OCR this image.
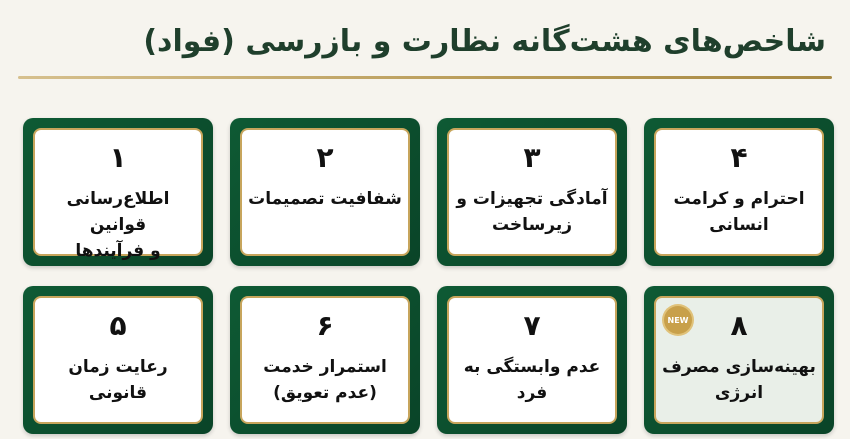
شاخص‌های هشت‌گانه نظارت و بازرسی (فواد)
۴
احترام و کرامت
انسانی
۳
آمادگی تجهیزات و
زیرساخت
۲
شفافیت تصمیمات
۱
اطلاع‌رسانی قوانین
و فرآیندها
NEW ۸
بهینه‌سازی مصرف
انرژی
۷
عدم وابستگی به فرد
۶
استمرار خدمت
(عدم تعویق)
۵
رعایت زمان قانونی
